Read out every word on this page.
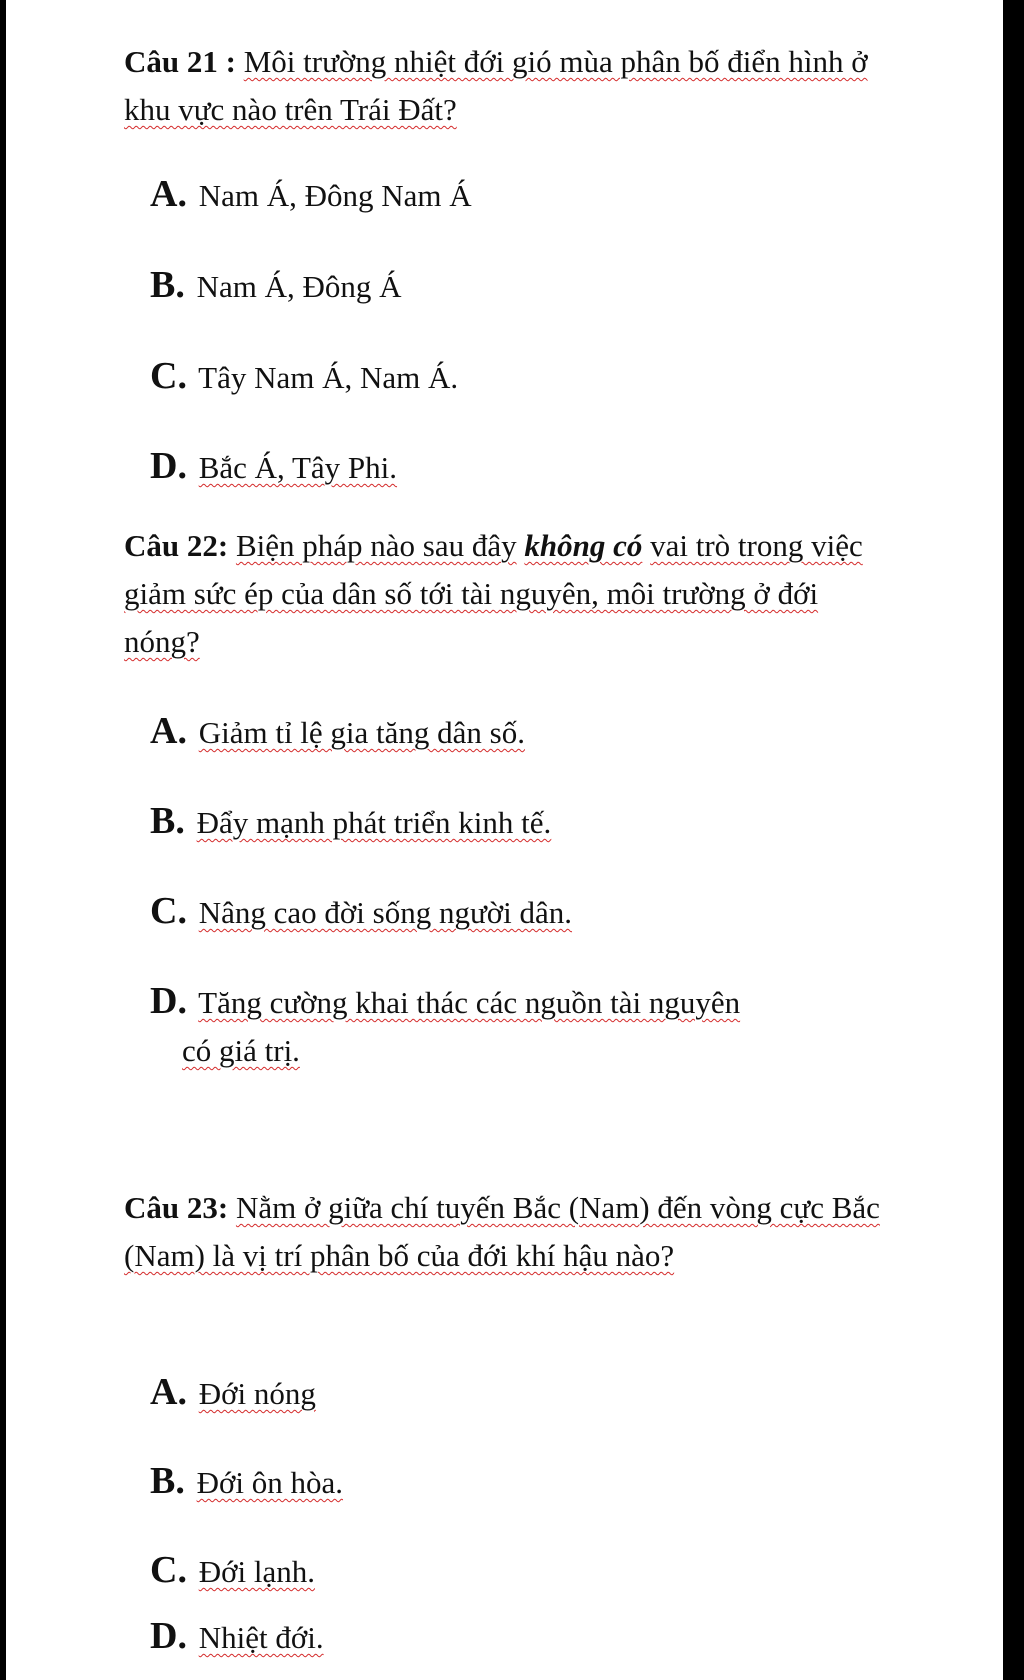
Câu 21 : Môi trường nhiệt đới gió mùa phân bố điển hình ở khu vực nào trên Trái Đất?
A. Nam Á, Đông Nam Á
B. Nam Á, Đông Á
C. Tây Nam Á, Nam Á.
D. Bắc Á, Tây Phi.
Câu 22: Biện pháp nào sau đây không có vai trò trong việc giảm sức ép của dân số tới tài nguyên, môi trường ở đới nóng?
A. Giảm tỉ lệ gia tăng dân số.
B. Đẩy mạnh phát triển kinh tế.
C. Nâng cao đời sống người dân.
D. Tăng cường khai thác các nguồn tài nguyên
có giá trị.
Câu 23: Nằm ở giữa chí tuyến Bắc (Nam) đến vòng cực Bắc (Nam) là vị trí phân bố của đới khí hậu nào?
A. Đới nóng
B. Đới ôn hòa.
C. Đới lạnh.
D. Nhiệt đới.
